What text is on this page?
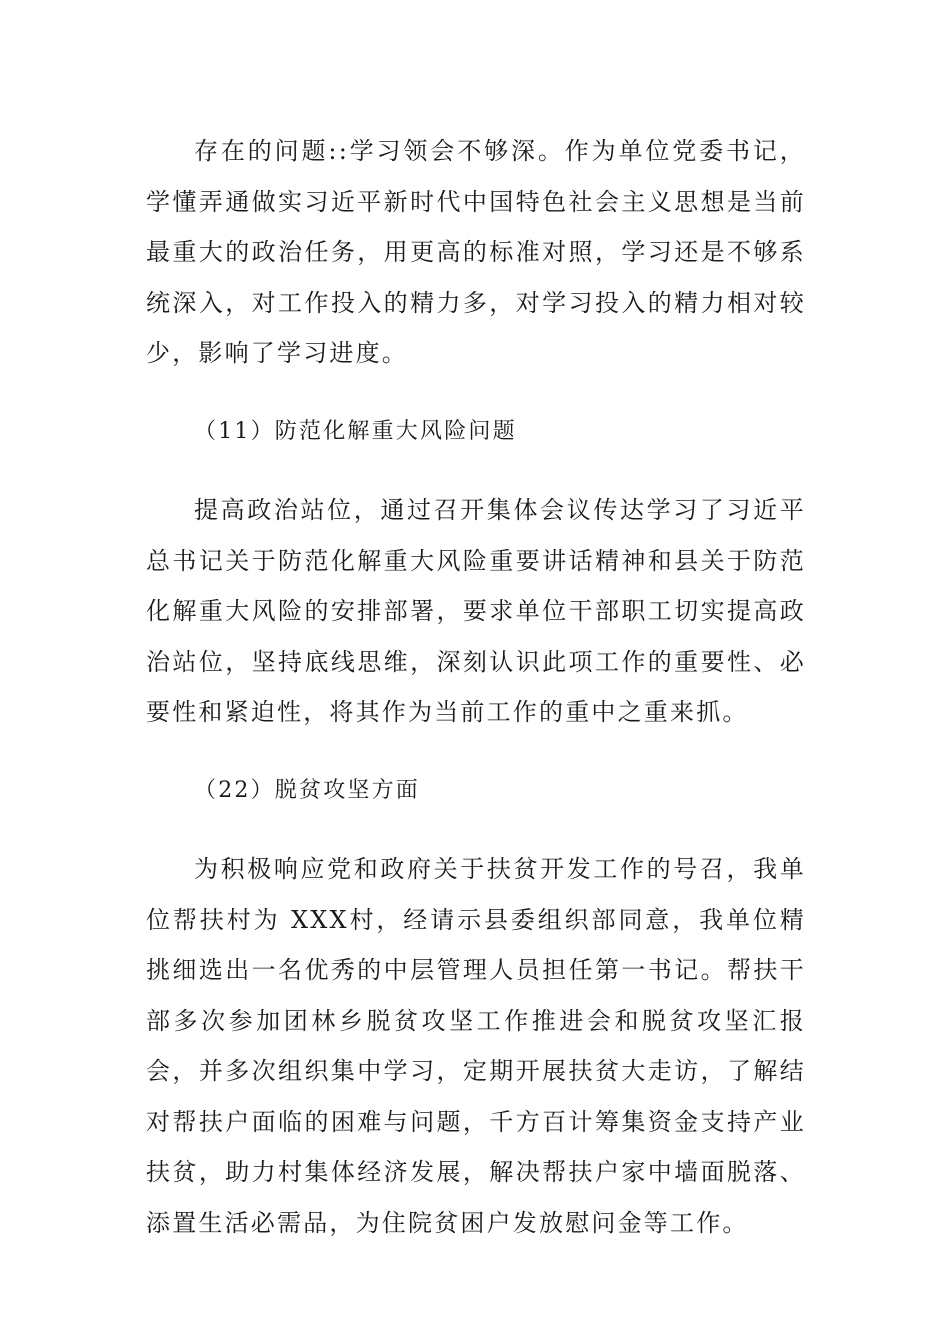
存在的问题::学习领会不够深。作为单位党委书记，学懂弄通做实习近平新时代中国特色社会主义思想是当前最重大的政治任务，用更高的标准对照，学习还是不够系统深入，对工作投入的精力多，对学习投入的精力相对较少，影响了学习进度。

（11）防范化解重大风险问题

提高政治站位，通过召开集体会议传达学习了习近平总书记关于防范化解重大风险重要讲话精神和县关于防范化解重大风险的安排部署，要求单位干部职工切实提高政治站位，坚持底线思维，深刻认识此项工作的重要性、必要性和紧迫性，将其作为当前工作的重中之重来抓。

（22）脱贫攻坚方面

为积极响应党和政府关于扶贫开发工作的号召，我单位帮扶村为 XXX村，经请示县委组织部同意，我单位精挑细选出一名优秀的中层管理人员担任第一书记。帮扶干部多次参加团林乡脱贫攻坚工作推进会和脱贫攻坚汇报会，并多次组织集中学习，定期开展扶贫大走访，了解结对帮扶户面临的困难与问题，千方百计筹集资金支持产业扶贫，助力村集体经济发展，解决帮扶户家中墙面脱落、添置生活必需品，为住院贫困户发放慰问金等工作。
